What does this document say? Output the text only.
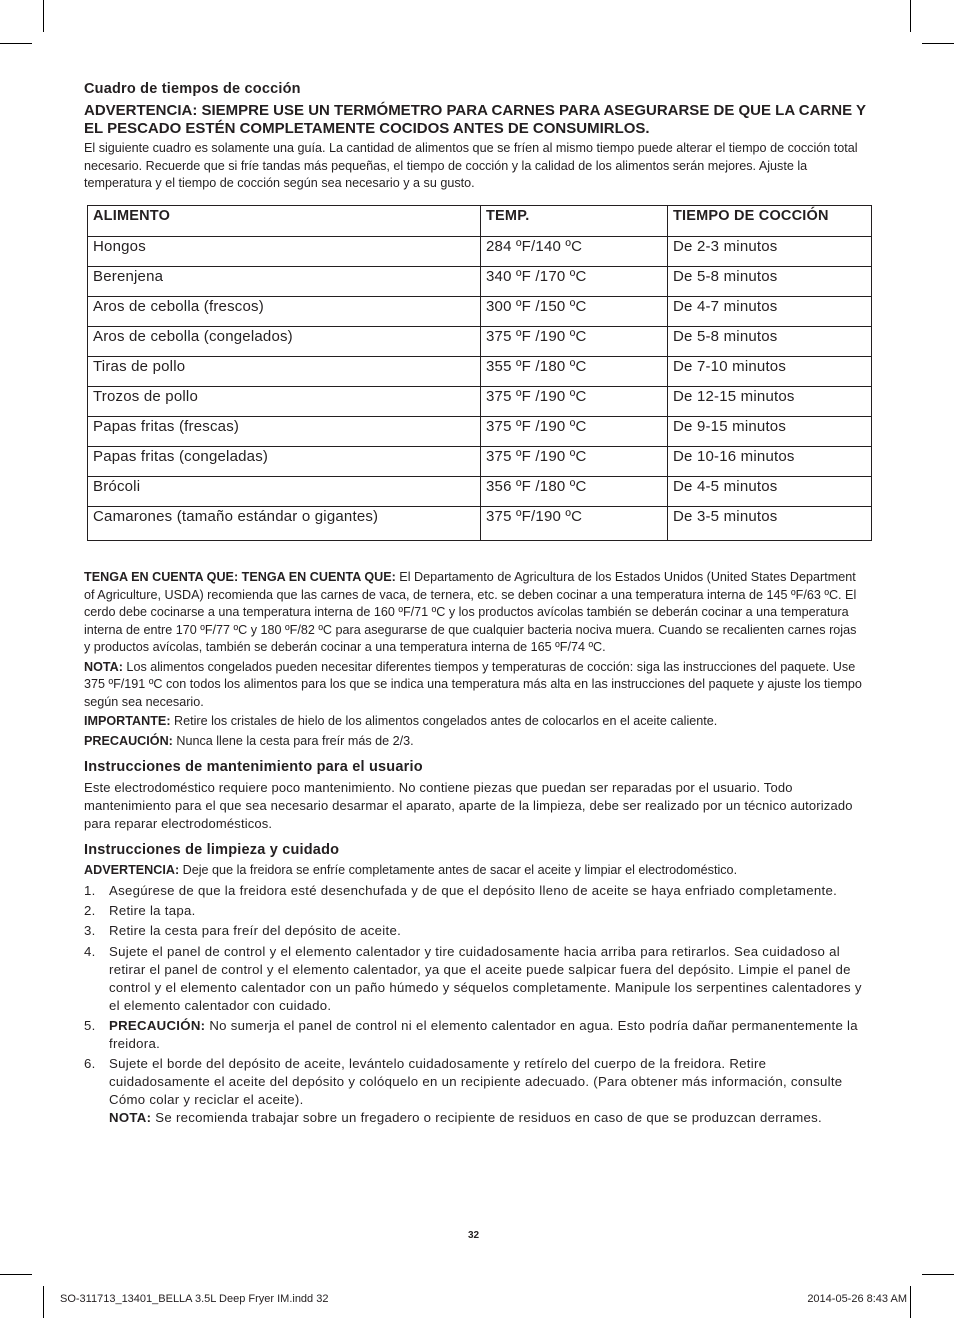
Cuadro de tiempos de cocción
ADVERTENCIA: SIEMPRE USE UN TERMÓMETRO PARA CARNES PARA ASEGURARSE DE QUE LA CARNE Y EL PESCADO ESTÉN COMPLETAMENTE COCIDOS ANTES DE CONSUMIRLOS.

El siguiente cuadro es solamente una guía. La cantidad de alimentos que se fríen al mismo tiempo puede alterar el tiempo de cocción total necesario. Recuerde que si fríe tandas más pequeñas, el tiempo de cocción y la calidad de los alimentos serán mejores. Ajuste la temperatura y el tiempo de cocción según sea necesario y a su gusto.

ALIMENTO	TEMP.	TIEMPO DE COCCIÓN
Hongos	284 ºF/140 ºC	De 2-3 minutos
Berenjena	340 ºF /170 ºC	De 5-8 minutos
Aros de cebolla (frescos)	300 ºF /150 ºC	De 4-7 minutos
Aros de cebolla (congelados)	375 ºF /190 ºC	De 5-8 minutos
Tiras de pollo	355 ºF /180 ºC	De 7-10 minutos
Trozos de pollo	375 ºF /190 ºC	De 12-15 minutos
Papas fritas (frescas)	375 ºF /190 ºC	De 9-15 minutos
Papas fritas (congeladas)	375 ºF /190 ºC	De 10-16 minutos
Brócoli	356 ºF /180 ºC	De 4-5 minutos
Camarones (tamaño estándar o gigantes)	375 ºF/190 ºC	De 3-5 minutos

TENGA EN CUENTA QUE: TENGA EN CUENTA QUE: El Departamento de Agricultura de los Estados Unidos (United States Department of Agriculture, USDA) recomienda que las carnes de vaca, de ternera, etc. se deben cocinar a una temperatura interna de 145 ºF/63 ºC. El cerdo debe cocinarse a una temperatura interna de 160 ºF/71 ºC y los productos avícolas también se deberán cocinar a una temperatura interna de entre 170 ºF/77 ºC y 180 ºF/82 ºC para asegurarse de que cualquier bacteria nociva muera. Cuando se recalienten carnes rojas y productos avícolas, también se deberán cocinar a una temperatura interna de 165 ºF/74 ºC.

NOTA: Los alimentos congelados pueden necesitar diferentes tiempos y temperaturas de cocción: siga las instrucciones del paquete. Use 375 ºF/191 ºC con todos los alimentos para los que se indica una temperatura más alta en las instrucciones del paquete y ajuste los tiempo según sea necesario.

IMPORTANTE: Retire los cristales de hielo de los alimentos congelados antes de colocarlos en el aceite caliente.

PRECAUCIÓN: Nunca llene la cesta para freír más de 2/3.

Instrucciones de mantenimiento para el usuario

Este electrodoméstico requiere poco mantenimiento. No contiene piezas que puedan ser reparadas por el usuario. Todo mantenimiento para el que sea necesario desarmar el aparato, aparte de la limpieza, debe ser realizado por un técnico autorizado para reparar electrodomésticos.

Instrucciones de limpieza y cuidado

ADVERTENCIA: Deje que la freidora se enfríe completamente antes de sacar el aceite y limpiar el electrodoméstico.

1. Asegúrese de que la freidora esté desenchufada y de que el depósito lleno de aceite se haya enfriado completamente.
2. Retire la tapa.
3. Retire la cesta para freír del depósito de aceite.
4. Sujete el panel de control y el elemento calentador y tire cuidadosamente hacia arriba para retirarlos. Sea cuidadoso al retirar el panel de control y el elemento calentador, ya que el aceite puede salpicar fuera del depósito. Limpie el panel de control y el elemento calentador con un paño húmedo y séquelos completamente. Manipule los serpentines calentadores y el elemento calentador con cuidado.
5. PRECAUCIÓN: No sumerja el panel de control ni el elemento calentador en agua. Esto podría dañar permanentemente la freidora.
6. Sujete el borde del depósito de aceite, levántelo cuidadosamente y retírelo del cuerpo de la freidora. Retire cuidadosamente el aceite del depósito y colóquelo en un recipiente adecuado. (Para obtener más información, consulte Cómo colar y reciclar el aceite).
NOTA: Se recomienda trabajar sobre un fregadero o recipiente de residuos en caso de que se produzcan derrames.
32
SO-311713_13401_BELLA 3.5L Deep Fryer IM.indd 32	2014-05-26 8:43 AM
